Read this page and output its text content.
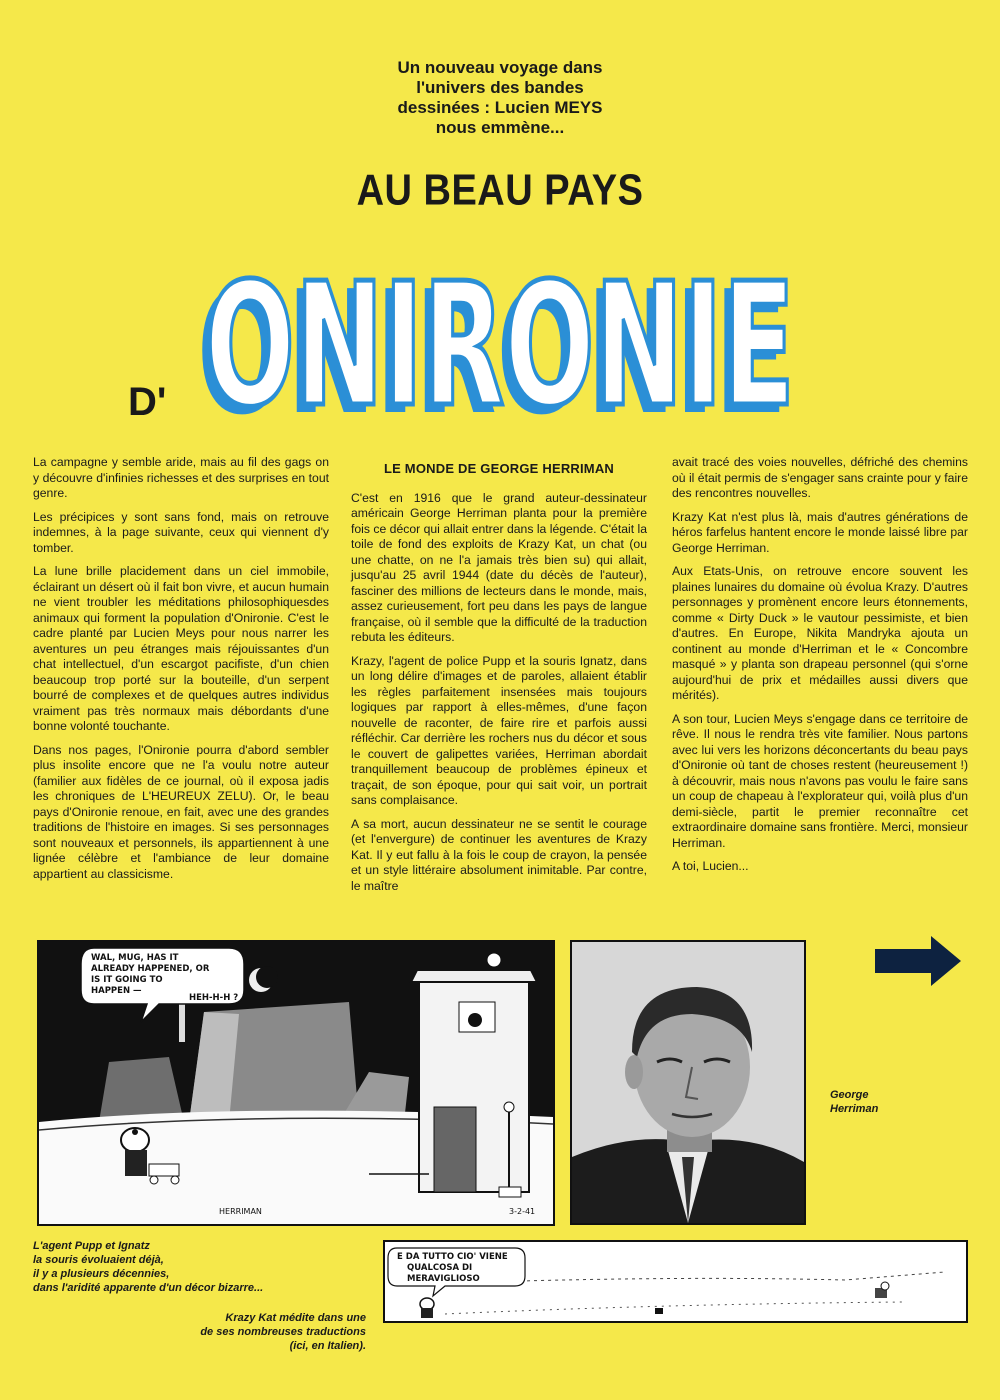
Un nouveau voyage dans
l'univers des bandes
dessinées : Lucien MEYS
nous emmène...
AU BEAU PAYS
D' ONIRONIE
ONIRONIE

La campagne y semble aride, mais au fil des gags on y découvre d'infinies richesses et des surprises en tout genre.

Les précipices y sont sans fond, mais on retrouve indemnes, à la page suivante, ceux qui viennent d'y tomber.

La lune brille placidement dans un ciel immobile, éclairant un désert où il fait bon vivre, et aucun humain ne vient troubler les méditations philosophiquesdes animaux qui forment la population d'Onironie. C'est le cadre planté par Lucien Meys pour nous narrer les aventures un peu étranges mais réjouissantes d'un chat intellectuel, d'un escargot pacifiste, d'un chien beaucoup trop porté sur la bouteille, d'un serpent bourré de complexes et de quelques autres individus vraiment pas très normaux mais débordants d'une bonne volonté touchante.

Dans nos pages, l'Onironie pourra d'abord sembler plus insolite encore que ne l'a voulu notre auteur (familier aux fidèles de ce journal, où il exposa jadis les chroniques de L'HEUREUX ZELU). Or, le beau pays d'Onironie renoue, en fait, avec une des grandes traditions de l'histoire en images. Si ses personnages sont nouveaux et personnels, ils appartiennent à une lignée célèbre et l'ambiance de leur domaine appartient au classicisme.

LE MONDE DE GEORGE HERRIMAN

C'est en 1916 que le grand auteur-dessinateur américain George Herriman planta pour la première fois ce décor qui allait entrer dans la légende. C'était la toile de fond des exploits de Krazy Kat, un chat (ou une chatte, on ne l'a jamais très bien su) qui allait, jusqu'au 25 avril 1944 (date du décès de l'auteur), fasciner des millions de lecteurs dans le monde, mais, assez curieusement, fort peu dans les pays de langue française, où il semble que la difficulté de la traduction rebuta les éditeurs.

Krazy, l'agent de police Pupp et la souris Ignatz, dans un long délire d'images et de paroles, allaient établir les règles parfaitement insensées mais toujours logiques par rapport à elles-mêmes, d'une façon nouvelle de raconter, de faire rire et parfois aussi réfléchir. Car derrière les rochers nus du décor et sous le couvert de galipettes variées, Herriman abordait tranquillement beaucoup de problèmes épineux et traçait, de son époque, pour qui sait voir, un portrait sans complaisance.

A sa mort, aucun dessinateur ne se sentit le courage (et l'envergure) de continuer les aventures de Krazy Kat. Il y eut fallu à la fois le coup de crayon, la pensée et un style littéraire absolument inimitable. Par contre, le maître

avait tracé des voies nouvelles, défriché des chemins où il était permis de s'engager sans crainte pour y faire des rencontres nouvelles.

Krazy Kat n'est plus là, mais d'autres générations de héros farfelus hantent encore le monde laissé libre par George Herriman.

Aux Etats-Unis, on retrouve encore souvent les plaines lunaires du domaine où évolua Krazy. D'autres personnages y promènent encore leurs étonnements, comme « Dirty Duck » le vautour pessimiste, et bien d'autres. En Europe, Nikita Mandryka ajouta un continent au monde d'Herriman et le « Concombre masqué » y planta son drapeau personnel (qui s'orne aujourd'hui de prix et médailles aussi divers que mérités).

A son tour, Lucien Meys s'engage dans ce territoire de rêve. Il nous le rendra très vite familier. Nous partons avec lui vers les horizons déconcertants du beau pays d'Onironie où tant de choses restent (heureusement !) à découvrir, mais nous n'avons pas voulu le faire sans un coup de chapeau à l'explorateur qui, voilà plus d'un demi-siècle, partit le premier reconnaître cet extraordinaire domaine sans frontière. Merci, monsieur Herriman.

A toi, Lucien...

WAL, MUG, HAS IT
ALREADY HAPPENED, OR
IS IT GOING TO
HAPPEN —
HEH-H-H ?
HERRIMAN	3-2-41
George
Herriman
L'agent Pupp et Ignatz
la souris évoluaient déjà,
il y a plusieurs décennies,
dans l'aridité apparente d'un décor bizarre...
E DA TUTTO CIO' VIENE
QUALCOSA DI
MERAVIGLIOSO
Krazy Kat médite dans une
de ses nombreuses traductions
(ici, en Italien).
